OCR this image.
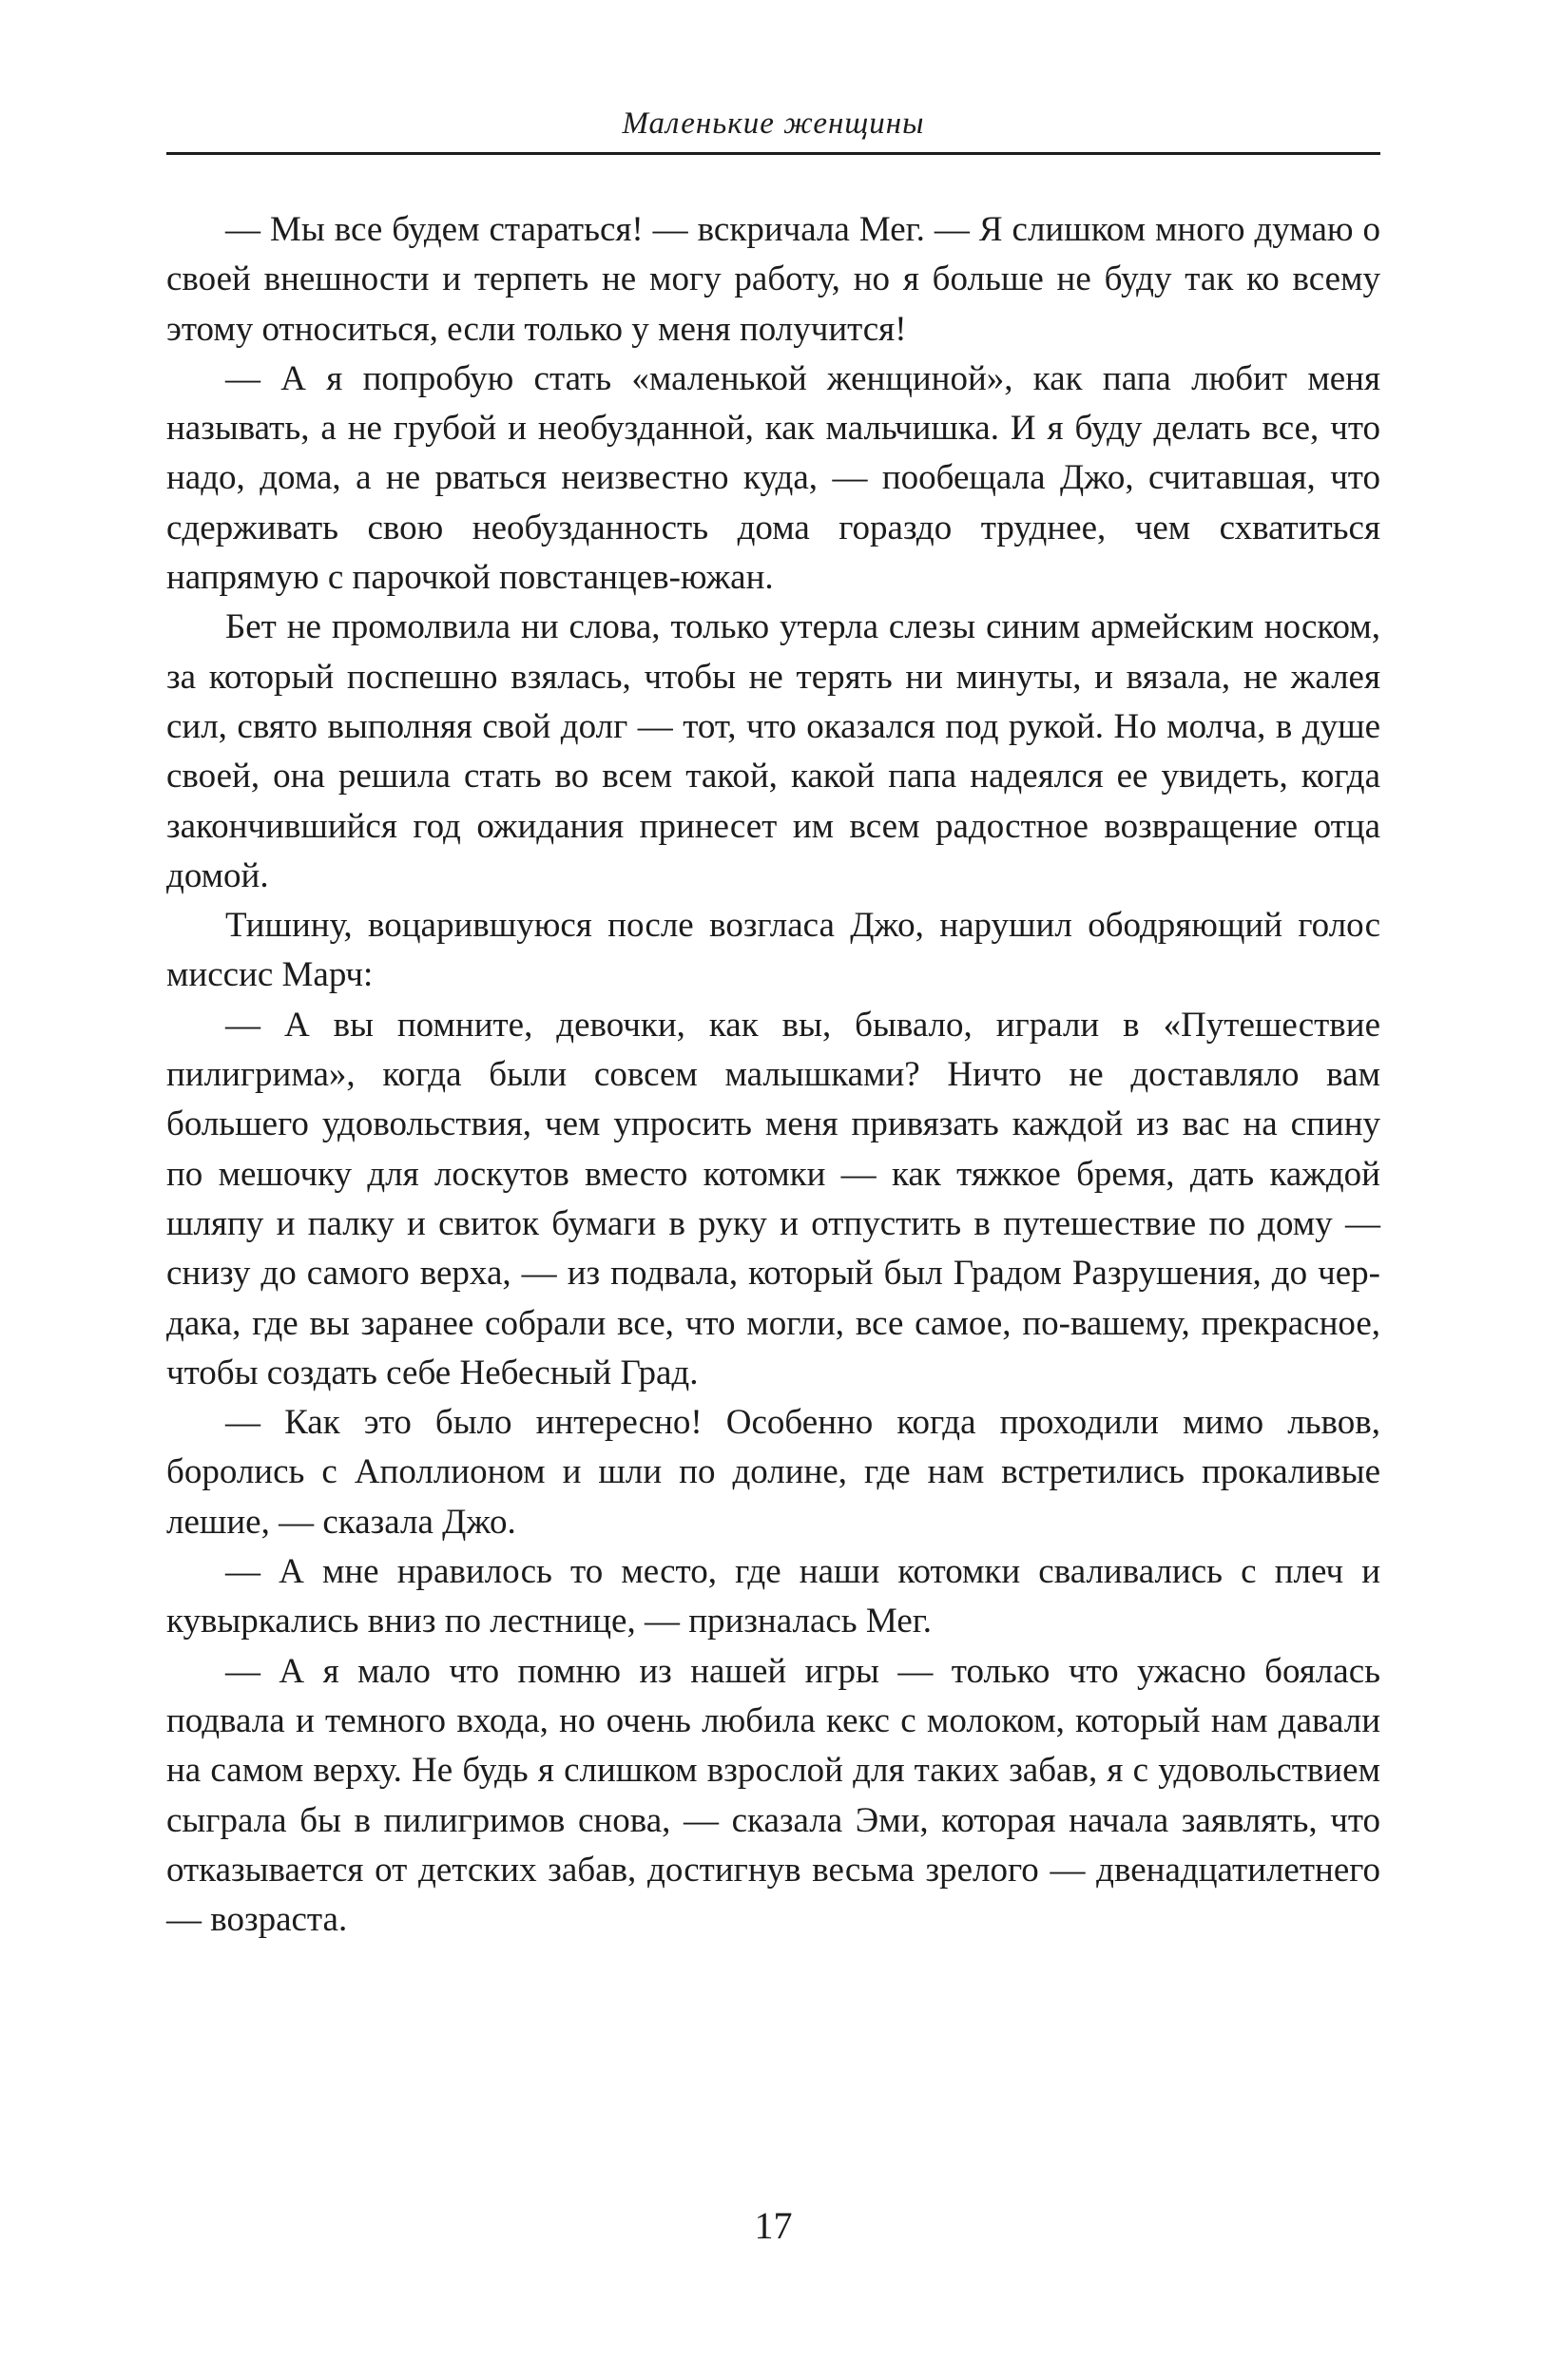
Маленькие женщины

— Мы все будем стараться! — вскричала Мег. — Я слишком много думаю о своей внешности и терпеть не могу работу, но я больше не буду так ко всему этому относиться, если только у меня получится!

— А я попробую стать «маленькой женщиной», как папа любит меня называть, а не грубой и необузданной, как мальчишка. И я буду делать все, что надо, дома, а не рваться неизвестно куда, — пообещала Джо, считавшая, что сдерживать свою необузданность дома гораздо труднее, чем схватиться напрямую с парочкой повстанцев-южан.

Бет не промолвила ни слова, только утерла слезы синим армейским носком, за который поспешно взялась, чтобы не терять ни минуты, и вязала, не жалея сил, свято выполняя свой долг — тот, что оказался под рукой. Но молча, в душе своей, она решила стать во всем такой, какой папа надеялся ее увидеть, когда закончившийся год ожидания принесет им всем радостное возвращение отца домой.

Тишину, воцарившуюся после возгласа Джо, нарушил ободряющий голос миссис Марч:

— А вы помните, девочки, как вы, бывало, играли в «Путешествие пилигрима», когда были совсем малышками? Ничто не доставляло вам большего удовольствия, чем упросить меня привязать каждой из вас на спину по мешочку для лоскутов вместо котомки — как тяжкое бремя, дать каждой шляпу и палку и свиток бумаги в руку и отпустить в путешествие по дому — снизу до самого верха, — из подвала, который был Градом Разрушения, до чердака, где вы заранее собрали все, что могли, все самое, по-вашему, прекрасное, чтобы создать себе Небесный Град.

— Как это было интересно! Особенно когда проходили мимо львов, боролись с Аполлионом и шли по долине, где нам встретились прокаливые лешие, — сказала Джо.

— А мне нравилось то место, где наши котомки сваливались с плеч и кувыркались вниз по лестнице, — призналась Мег.

— А я мало что помню из нашей игры — только что ужасно боялась подвала и темного входа, но очень любила кекс с молоком, который нам давали на самом верху. Не будь я слишком взрослой для таких забав, я с удовольствием сыграла бы в пилигримов снова, — сказала Эми, которая начала заявлять, что отказывается от детских забав, достигнув весьма зрелого — двенадцатилетнего — возраста.

17
